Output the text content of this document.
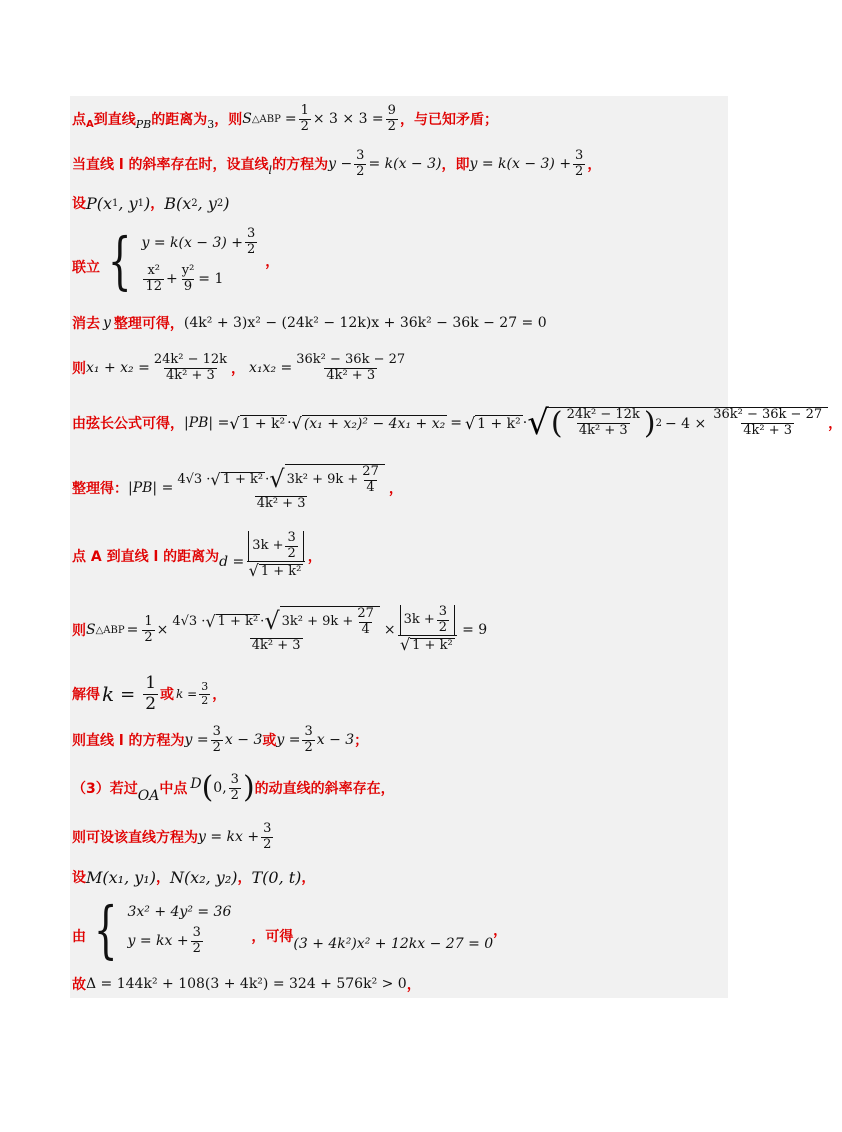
点 A 到直线 PB 的距离为 3 ，则 S △ABP = $\frac{1}{2} \times 3 \times 3 = \frac{9}{2}$ ，与已知矛盾；
当直线 l 的斜率存在时，设直线 l 的方程为 $y - \frac{3}{2} = k(x - 3)$ ，即 $y = k(x - 3) + \frac{3}{2}$ ，
设 P(x 1 , y 1 ) ， B(x 2 , y 2 )
联立 { $y = k(x - 3) + \frac{3}{2}$
$\frac{\text{x²}}{12} + \frac{\text{y²}}{9} = 1$
，
消去 y 整理可得， (4k² + 3)x² − (24k² − 12k)x + 36k² − 36k − 27 = 0
则 $x_1 + x_2 = \frac{\text{24k² − 12k}}{\text{4k² + 3}}$ ， $x_1x_2 = \frac{\text{36k² − 36k − 27}}{\text{4k² + 3}}$
由弦长公式可得， |PB| = √ 1 + k² · √ (x₁ + x₂)² − 4x₁ + x₂ = √ 1 + k² · √ ( $\frac{\text{24k² − 12k}}{\text{4k² + 3}}$ ) $2 - 4 \times \frac{\text{36k² − 36k − 27}}{\text{4k² + 3}}$ ，
整理得： $|PB| = \frac{4√3 \cdot √ 1 + k^2 \cdot √ 3k^2 + 9k + \frac{27}{4}}{\text{4k² + 3}}$ ，
点 A 到直线 l 的距离为 $d = \frac{3k + \frac{3}{2}}{\text{√ 1 + k²}}$ ，
则 S △ABP = $\frac{1}{2} \times \frac{4√3 \cdot √ 1 + k^2 \cdot √ 3k^2 + 9k + \frac{27}{4}}{\text{4k² + 3}} \times \frac{3k + \frac{3}{2}}{\text{√ 1 + k²}} = 9$
解得 $k = \frac{1}{2}$ 或 $k = \frac{3}{2}$ ，
则直线 l 的方程为 $y = \frac{3}{2}$ x − 3 或 $y = \frac{3}{2}$ x − 3 ；
（3）若过 OA 中点 D ( 0, $\frac{3}{2}$ ) 的动直线的斜率存在，
则可设该直线方程为 y = kx + $\frac{3}{2}$
设 M(x₁, y₁) ， N(x₂, y₂) ， T(0, t) ，
由 { 3x² + 4y² = 36
y = kx + $\frac{3}{2}$	，可得 (3 + 4k²)x² + 12kx − 27 = 0
，
故 Δ = 144k² + 108(3 + 4k²) = 324 + 576k² > 0 ，
